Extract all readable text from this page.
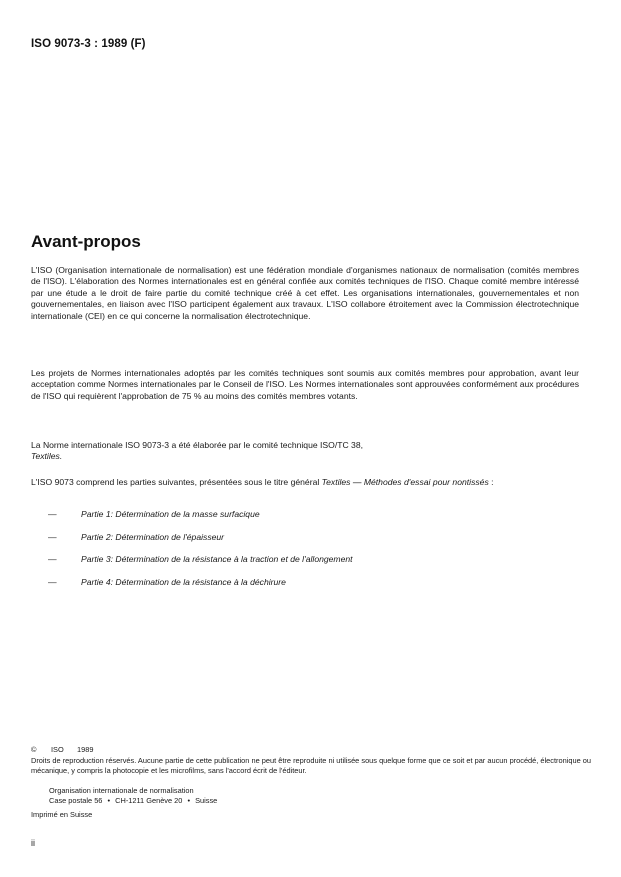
ISO 9073-3 : 1989 (F)
Avant-propos
L'ISO (Organisation internationale de normalisation) est une fédération mondiale d'organismes nationaux de normalisation (comités membres de l'ISO). L'élaboration des Normes internationales est en général confiée aux comités techniques de l'ISO. Chaque comité membre intéressé par une étude a le droit de faire partie du comité technique créé à cet effet. Les organisations internationales, gouvernementales et non gouvernementales, en liaison avec l'ISO participent également aux travaux. L'ISO collabore étroitement avec la Commission électrotechnique internationale (CEI) en ce qui concerne la normalisation électrotechnique.
Les projets de Normes internationales adoptés par les comités techniques sont soumis aux comités membres pour approbation, avant leur acceptation comme Normes internationales par le Conseil de l'ISO. Les Normes internationales sont approuvées conformément aux procédures de l'ISO qui requièrent l'approbation de 75 % au moins des comités membres votants.
La Norme internationale ISO 9073-3 a été élaborée par le comité technique ISO/TC 38,
Textiles.
L'ISO 9073 comprend les parties suivantes, présentées sous le titre général Textiles — Méthodes d'essai pour nontissés :
—	Partie 1: Détermination de la masse surfacique
—	Partie 2: Détermination de l'épaisseur
—	Partie 3: Détermination de la résistance à la traction et de l'allongement
—	Partie 4: Détermination de la résistance à la déchirure
© ISO 1989
Droits de reproduction réservés. Aucune partie de cette publication ne peut être reproduite ni utilisée sous quelque forme que ce soit et par aucun procédé, électronique ou mécanique, y compris la photocopie et les microfilms, sans l'accord écrit de l'éditeur.
Organisation internationale de normalisation
Case postale 56 • CH-1211 Genève 20 • Suisse
Imprimé en Suisse
ii
